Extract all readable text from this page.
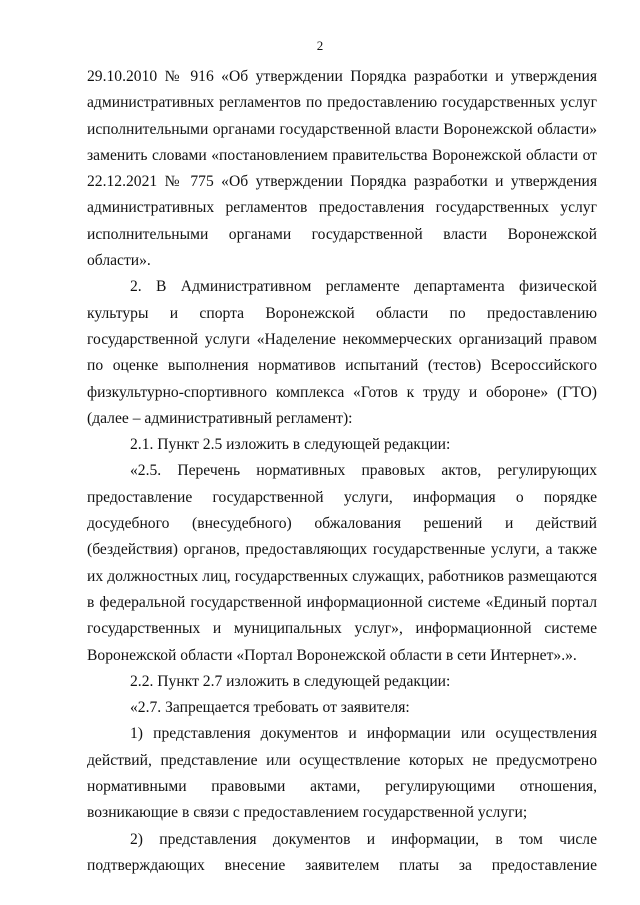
2

29.10.2010 № 916 «Об утверждении Порядка разработки и утверждения административных регламентов по предоставлению государственных услуг исполнительными органами государственной власти Воронежской области» заменить словами «постановлением правительства Воронежской области от 22.12.2021 № 775 «Об утверждении Порядка разработки и утверждения административных регламентов предоставления государственных услуг исполнительными органами государственной власти Воронежской области».

2. В Административном регламенте департамента физической культуры и спорта Воронежской области по предоставлению государственной услуги «Наделение некоммерческих организаций правом по оценке выполнения нормативов испытаний (тестов) Всероссийского физкультурно-спортивного комплекса «Готов к труду и обороне» (ГТО) (далее – административный регламент):

2.1. Пункт 2.5 изложить в следующей редакции:

«2.5. Перечень нормативных правовых актов, регулирующих предоставление государственной услуги, информация о порядке досудебного (внесудебного) обжалования решений и действий (бездействия) органов, предоставляющих государственные услуги, а также их должностных лиц, государственных служащих, работников размещаются в федеральной государственной информационной системе «Единый портал государственных и муниципальных услуг», информационной системе Воронежской области «Портал Воронежской области в сети Интернет».».

2.2. Пункт 2.7 изложить в следующей редакции:

«2.7. Запрещается требовать от заявителя:

1) представления документов и информации или осуществления действий, представление или осуществление которых не предусмотрено нормативными правовыми актами, регулирующими отношения, возникающие в связи с предоставлением государственной услуги;

2) представления документов и информации, в том числе подтверждающих внесение заявителем платы за предоставление
